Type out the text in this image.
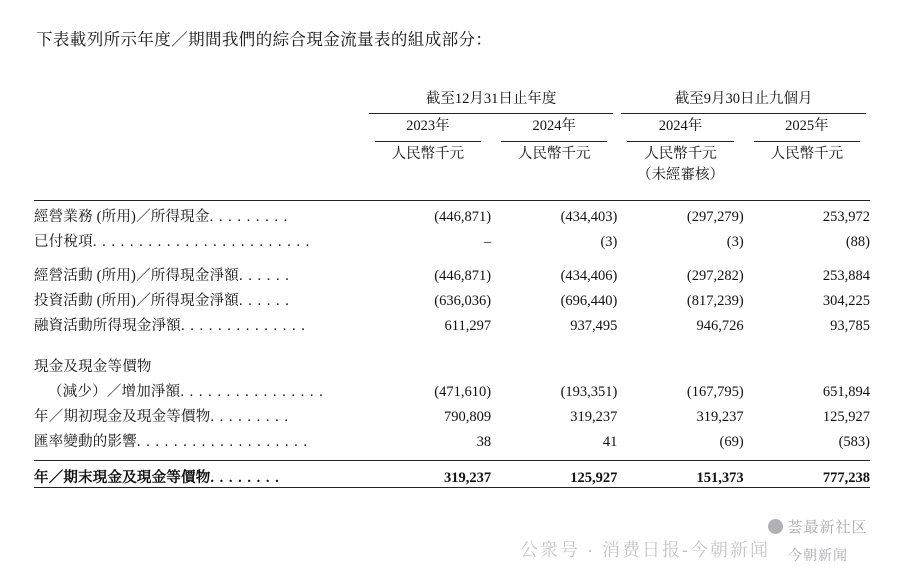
下表載列所示年度／期間我們的綜合現金流量表的組成部分：

	截至12月31日止年度		截至9月30日止九個月	

	2023年	2024年	2024年	2025年

	人民幣千元	人民幣千元	人民幣千元	人民幣千元
			（未經審核）	

經營業務 (所用)／所得現金. . . . . . . . .	(446,871)	(434,403)	(297,279)	253,972
已付稅項. . . . . . . . . . . . . . . . . . . . . . . .	–	(3)	(3)	(88)

經營活動 (所用)／所得現金淨額. . . . . .	(446,871)	(434,406)	(297,282)	253,884
投資活動 (所用)／所得現金淨額. . . . . .	(636,036)	(696,440)	(817,239)	304,225
融資活動所得現金淨額. . . . . . . . . . . . . .	611,297	937,495	946,726	93,785

現金及現金等價物				
（減少）／增加淨額. . . . . . . . . . . . . . . .	(471,610)	(193,351)	(167,795)	651,894
年／期初現金及現金等價物. . . . . . . . .	790,809	319,237	319,237	125,927
匯率變動的影響. . . . . . . . . . . . . . . . . . .	38	41	(69)	(583)

年／期末現金及現金等價物. . . . . . . .	319,237	125,927	151,373	777,238
公衆号 · 消费日报-今朝新闻
荟最新社区
今朝新闻
